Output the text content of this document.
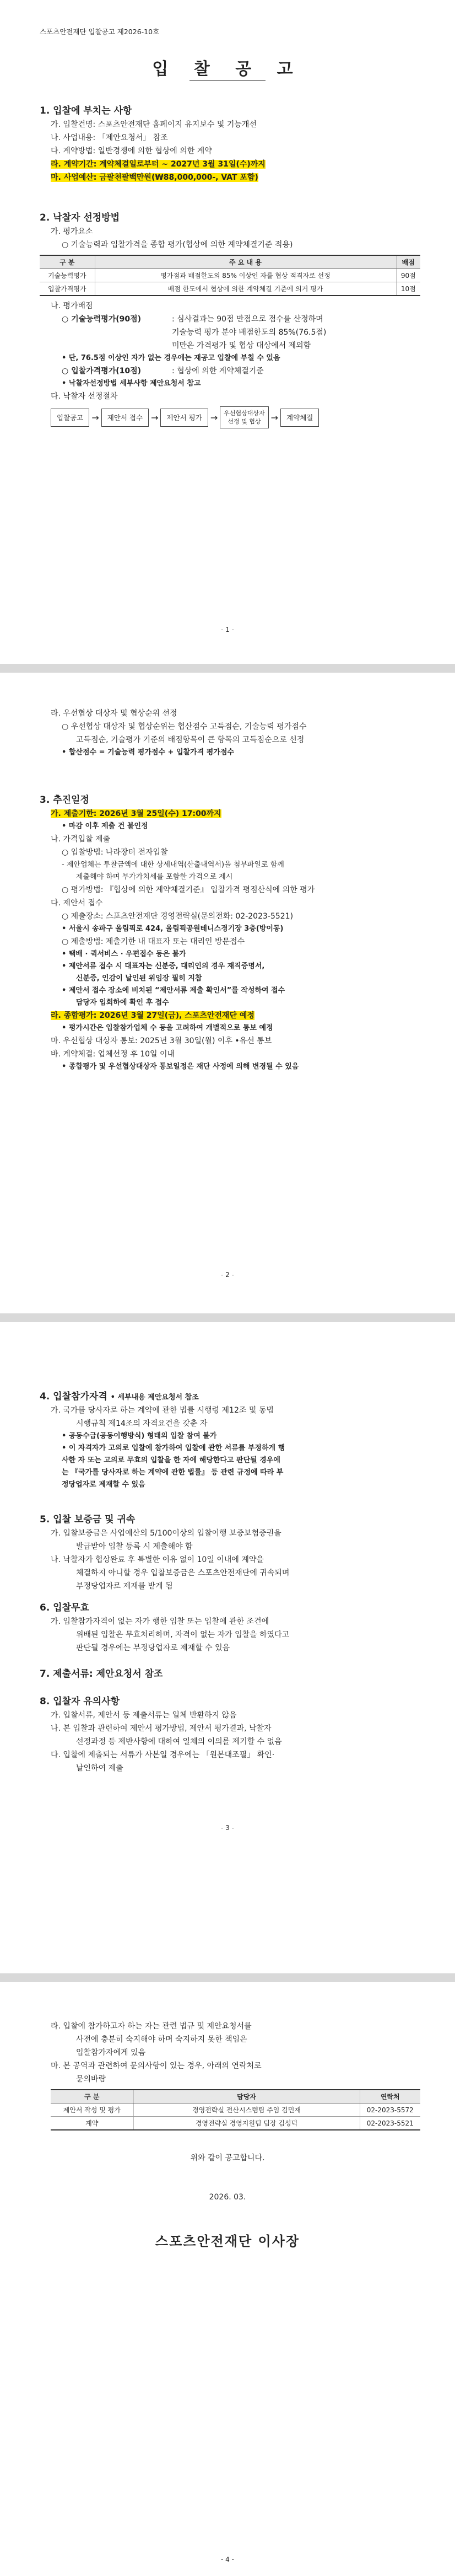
스포츠안전재단 입찰공고 제2026-10호
입 찰 공 고
1. 입찰에 부치는 사항
가. 입찰건명: 스포츠안전재단 홈페이지 유지보수 및 기능개선
나. 사업내용: 「제안요청서」 참조
다. 계약방법: 일반경쟁에 의한 협상에 의한 계약
라. 계약기간: 계약체결일로부터 ~ 2027년 3월 31일(수)까지
마. 사업예산: 금팔천팔백만원(₩88,000,000-, VAT 포함)
2. 낙찰자 선정방법
가. 평가요소
○ 기술능력과 입찰가격을 종합 평가(협상에 의한 계약체결기준 적용)
구 분	주 요 내 용	배점
기술능력평가	평가점과 배점한도의 85% 이상인 자를 협상 적격자로 선정	90점
입찰가격평가	배점 한도에서 협상에 의한 계약체결 기준에 의거 평가	10점
나. 평가배점
○ 기술능력평가(90점)	: 심사결과는 90점 만점으로 점수를 산정하며
기술능력 평가 분야 배점한도의 85%(76.5점)
미만은 가격평가 및 협상 대상에서 제외함
• 단, 76.5점 이상인 자가 없는 경우에는 재공고 입찰에 부칠 수 있음
○ 입찰가격평가(10점)	: 협상에 의한 계약체결기준
• 낙찰자선정방법 세부사항 제안요청서 참고
다. 낙찰자 선정절차
입찰공고 →	제안서 접수 →	제안서 평가 →	우선협상대상자
선정 및 협상	→	계약체결
- 1 -
라. 우선협상 대상자 및 협상순위 선정
○ 우선협상 대상자 및 협상순위는 협산점수 고득점순, 기술능력 평가점수
고득점순, 기술평가 기준의 배점항목이 큰 항목의 고득점순으로 선정
• 합산점수 = 기술능력 평가점수 + 입찰가격 평가점수
3. 추진일정
가. 제출기한: 2026년 3월 25일(수) 17:00까지
• 마감 이후 제출 건 불인정
나. 가격입찰 제출
○ 입찰방법: 나라장터 전자입찰
- 제안업체는 투찰금액에 대한 상세내역(산출내역서)을 첨부파일로 함께
제출해야 하며 부가가치세를 포함한 가격으로 제시
○ 평가방법: 『협상에 의한 계약체결기준』 입찰가격 평점산식에 의한 평가
다. 제안서 접수
○ 제출장소: 스포츠안전재단 경영전략실(문의전화: 02-2023-5521)
• 서울시 송파구 올림픽로 424, 올림픽공원테니스경기장 3층(방이동)
○ 제출방법: 제출기한 내 대표자 또는 대리인 방문접수
• 택배 · 퀵서비스 · 우편접수 등은 불가
• 제안서류 접수 시 대표자는 신분증, 대리인의 경우 재직증명서,
신분증, 인감이 날인된 위임장 필히 지참
• 제안서 접수 장소에 비치된 “제안서류 제출 확인서”를 작성하여 접수
담당자 입회하에 확인 후 접수
라. 종합평가: 2026년 3월 27일(금), 스포츠안전재단 예정
• 평가시간은 입찰참가업체 수 등을 고려하여 개별적으로 통보 예정
마. 우선협상 대상자 통보: 2025년 3월 30일(월) 이후 •유선 통보
바. 계약체결: 업체선정 후 10일 이내
• 종합평가 및 우선협상대상자 통보일정은 재단 사정에 의해 변경될 수 있음
- 2 -
4. 입찰참가자격 • 세부내용 제안요청서 참조
가. 국가를 당사자로 하는 계약에 관한 법률 시행령 제12조 및 동법
시행규칙 제14조의 자격요건을 갖춘 자
• 공동수급(공동이행방식) 형태의 입찰 참여 불가
• 이 자격자가 고의로 입찰에 참가하여 입찰에 관한 서류를 부정하게 행
사한 자 또는 고의로 무효의 입찰을 한 자에 해당한다고 판단될 경우에
는 『국가를 당사자로 하는 계약에 관한 법률』 등 관련 규정에 따라 부
정당업자로 제재할 수 있음
5. 입찰 보증금 및 귀속
가. 입찰보증금은 사업예산의 5/100이상의 입찰이행 보증보험증권을
발급받아 입찰 등록 시 제출해야 함
나. 낙찰자가 협상완료 후 특별한 이유 없이 10일 이내에 계약을
체결하지 아니할 경우 입찰보증금은 스포츠안전재단에 귀속되며
부정당업자로 제재를 받게 됨
6. 입찰무효
가. 입찰참가자격이 없는 자가 행한 입찰 또는 입찰에 관한 조건에
위배된 입찰은 무효처리하며, 자격이 없는 자가 입찰을 하였다고
판단될 경우에는 부정당업자로 제재할 수 있음
7. 제출서류: 제안요청서 참조
8. 입찰자 유의사항
가. 입찰서류, 제안서 등 제출서류는 일체 반환하지 않음
나. 본 입찰과 관련하여 제안서 평가방법, 제안서 평가결과, 낙찰자
선정과정 등 제반사항에 대하여 일체의 이의를 제기할 수 없음
다. 입찰에 제출되는 서류가 사본일 경우에는 「원본대조필」 확인·
날인하여 제출
- 3 -
라. 입찰에 참가하고자 하는 자는 관련 법규 및 제안요청서를
사전에 충분히 숙지해야 하며 숙지하지 못한 책임은
입찰참가자에게 있음
마. 본 공역과 관련하여 문의사항이 있는 경우, 아래의 연락처로
문의바람
구 분	담당자	연락처
제안서 작성 및 평가	경영전략실 전산시스템팀 주임 김민재	02-2023-5572
계약	경영전략실 경영지원팀 팀장 김성덕	02-2023-5521
위와 같이 공고합니다.
2026. 03.
스포츠안전재단 이사장
- 4 -
